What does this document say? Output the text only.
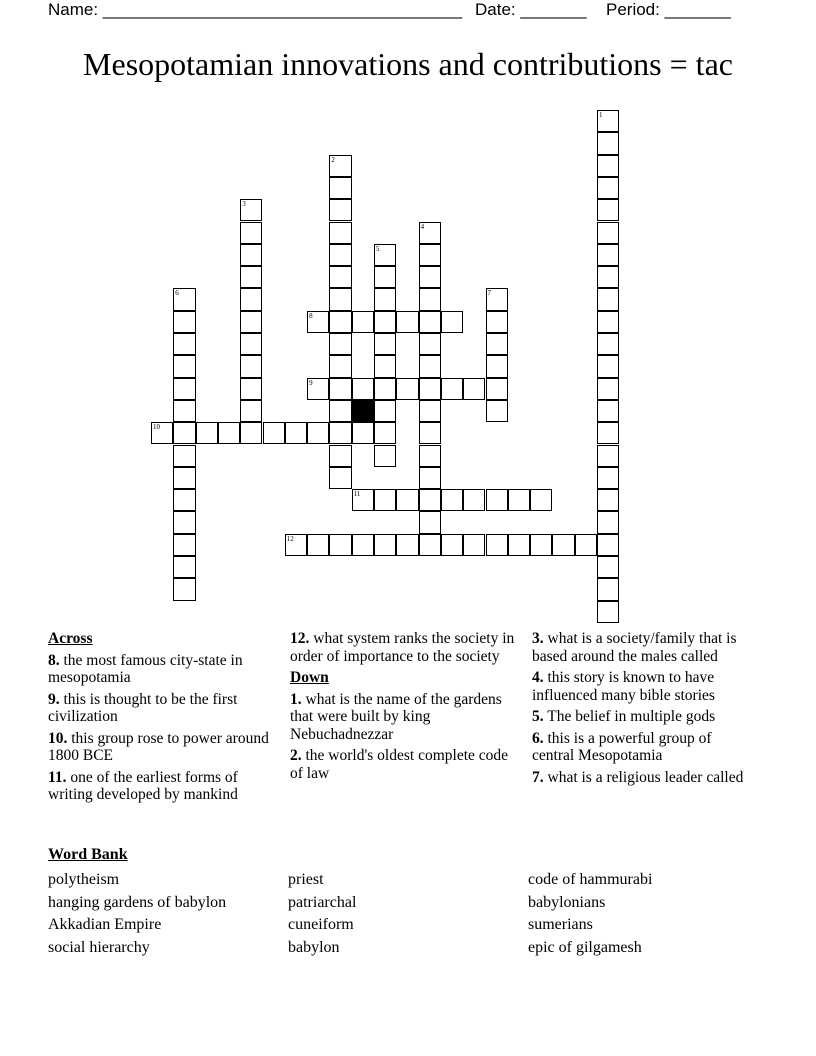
Name: ______________________________________ Date: _______ Period: _______
Mesopotamian innovations and contributions = tac
8
9
10
11
12
1
2
3
4
5
6	7
Across
8. the most famous city-state in mesopotamia
9. this is thought to be the first civilization
10. this group rose to power around 1800 BCE
11. one of the earliest forms of writing developed by mankind
12. what system ranks the society in order of importance to the society
Down
1. what is the name of the gardens that were built by king Nebuchadnezzar
2. the world's oldest complete code of law
3. what is a society/family that is based around the males called
4. this story is known to have influenced many bible stories
5. The belief in multiple gods
6. this is a powerful group of central Mesopotamia
7. what is a religious leader called
Word Bank
polytheism
hanging gardens of babylon
Akkadian Empire
social hierarchy
priest
patriarchal
cuneiform
babylon
code of hammurabi
babylonians
sumerians
epic of gilgamesh
